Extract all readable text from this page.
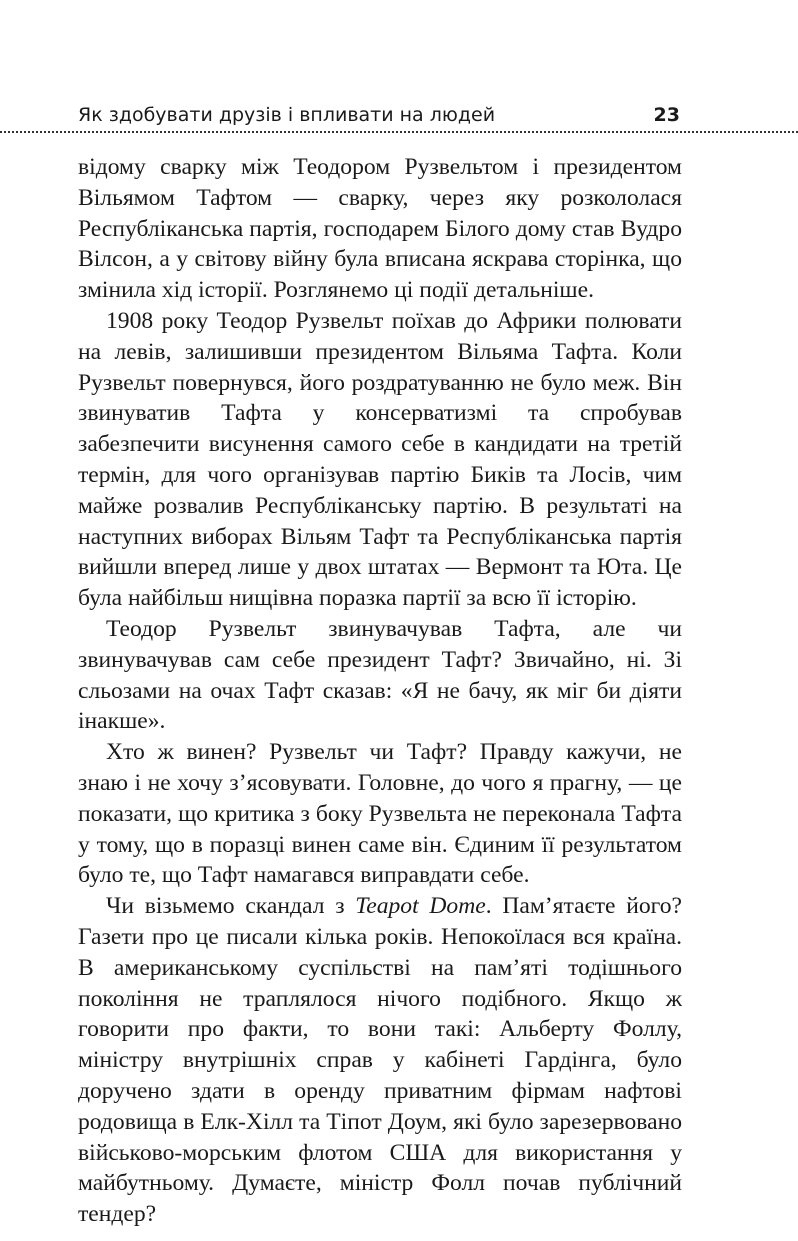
Як здобувати друзів і впливати на людей	23

відому сварку між Теодором Рузвельтом і президентом Вільямом Тафтом — сварку, через яку розкололася Республіканська партія, господарем Білого дому став Вудро Вілсон, а у світову війну була вписана яскрава сторінка, що змінила хід історії. Розглянемо ці події детальніше.

1908 року Теодор Рузвельт поїхав до Африки полювати на левів, залишивши президентом Вільяма Тафта. Коли Рузвельт повернувся, його роздратуванню не було меж. Він звинуватив Тафта у консерватизмі та спробував забезпечити висунення самого себе в кандидати на третій термін, для чого організував партію Биків та Лосів, чим майже розвалив Республіканську партію. В результаті на наступних виборах Вільям Тафт та Республіканська партія вийшли вперед лише у двох штатах — Вермонт та Юта. Це була найбільш нищівна поразка партії за всю її історію.

Теодор Рузвельт звинувачував Тафта, але чи звинувачував сам себе президент Тафт? Звичайно, ні. Зі сльозами на очах Тафт сказав: «Я не бачу, як міг би діяти інакше».

Хто ж винен? Рузвельт чи Тафт? Правду кажучи, не знаю і не хочу з’ясовувати. Головне, до чого я прагну, — це показати, що критика з боку Рузвельта не переконала Тафта у тому, що в поразці винен саме він. Єдиним її результатом було те, що Тафт намагався виправдати себе.

Чи візьмемо скандал з Teapot Dome. Пам’ятаєте його? Газети про це писали кілька років. Непокоїлася вся країна. В американському суспільстві на пам’яті тодішнього покоління не траплялося нічого подібного. Якщо ж говорити про факти, то вони такі: Альберту Фоллу, міністру внутрішніх справ у кабінеті Гардінга, було доручено здати в оренду приватним фірмам нафтові родовища в Елк-Хілл та Тіпот Доум, які було зарезервовано військово-морським флотом США для використання у майбутньому. Думаєте, міністр Фолл почав публічний тендер?
